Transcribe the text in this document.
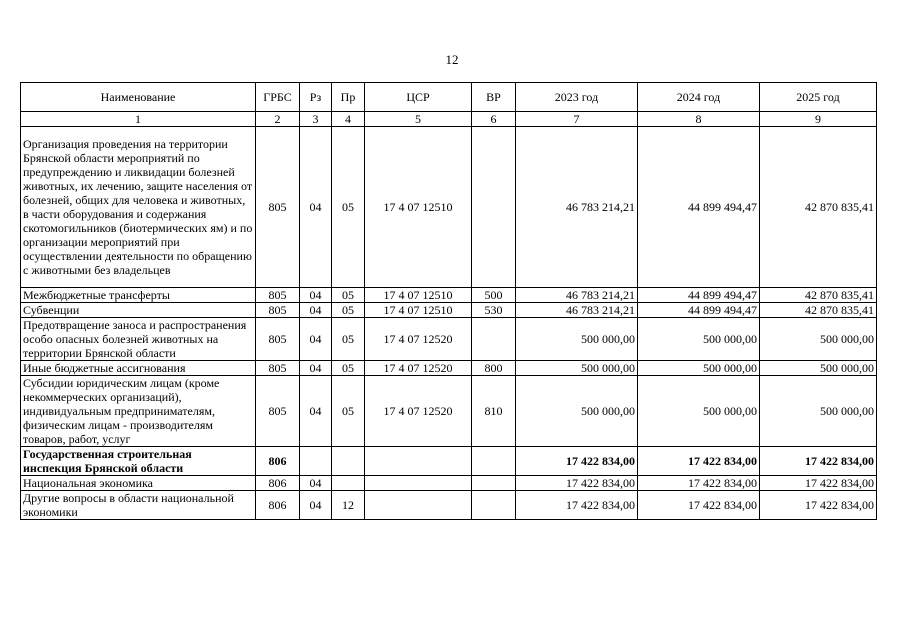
12
Наименование	ГРБС	Рз	Пр	ЦСР	ВР	2023 год	2024 год	2025 год
1	2	3	4	5	6	7	8	9
Организация проведения на территории Брянской области мероприятий по предупреждению и ликвидации болезней животных, их лечению, защите населения от болезней, общих для человека и животных, в части оборудования и содержания скотомогильников (биотермических ям) и по организации мероприятий при осуществлении деятельности по обращению с животными без владельцев	805	04	05	17 4 07 12510		46 783 214,21	44 899 494,47	42 870 835,41
Межбюджетные трансферты	805	04	05	17 4 07 12510	500	46 783 214,21	44 899 494,47	42 870 835,41
Субвенции	805	04	05	17 4 07 12510	530	46 783 214,21	44 899 494,47	42 870 835,41
Предотвращение заноса и распространения особо опасных болезней животных на территории Брянской области	805	04	05	17 4 07 12520		500 000,00	500 000,00	500 000,00
Иные бюджетные ассигнования	805	04	05	17 4 07 12520	800	500 000,00	500 000,00	500 000,00
Субсидии юридическим лицам (кроме некоммерческих организаций), индивидуальным предпринимателям, физическим лицам - производителям товаров, работ, услуг	805	04	05	17 4 07 12520	810	500 000,00	500 000,00	500 000,00
Государственная строительная инспекция Брянской области	806					17 422 834,00	17 422 834,00	17 422 834,00
Национальная экономика	806	04				17 422 834,00	17 422 834,00	17 422 834,00
Другие вопросы в области национальной экономики	806	04	12			17 422 834,00	17 422 834,00	17 422 834,00
